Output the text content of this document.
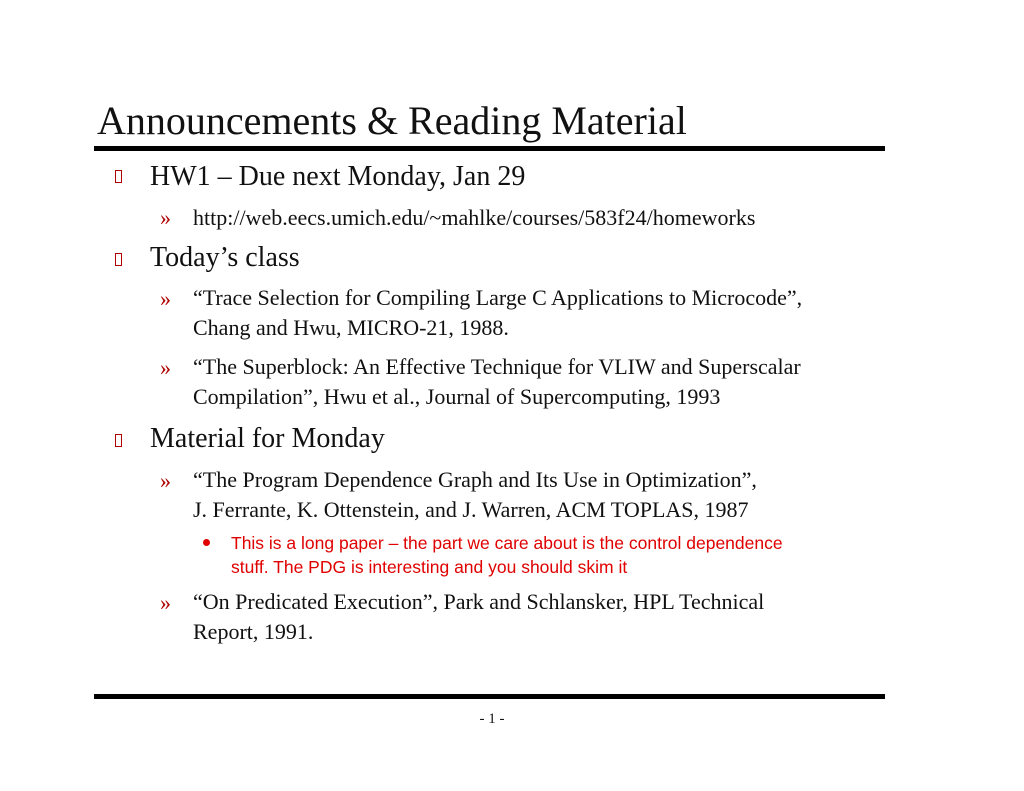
Announcements & Reading Material
HW1 – Due next Monday, Jan 29
» http://web.eecs.umich.edu/~mahlke/courses/583f24/homeworks
Today’s class
» “Trace Selection for Compiling Large C Applications to Microcode”,
Chang and Hwu, MICRO-21, 1988.
» “The Superblock: An Effective Technique for VLIW and Superscalar
Compilation”, Hwu et al., Journal of Supercomputing, 1993
Material for Monday
» “The Program Dependence Graph and Its Use in Optimization”,
J. Ferrante, K. Ottenstein, and J. Warren, ACM TOPLAS, 1987
This is a long paper – the part we care about is the control dependence
stuff. The PDG is interesting and you should skim it
» “On Predicated Execution”, Park and Schlansker, HPL Technical
Report, 1991.
- 1 -
